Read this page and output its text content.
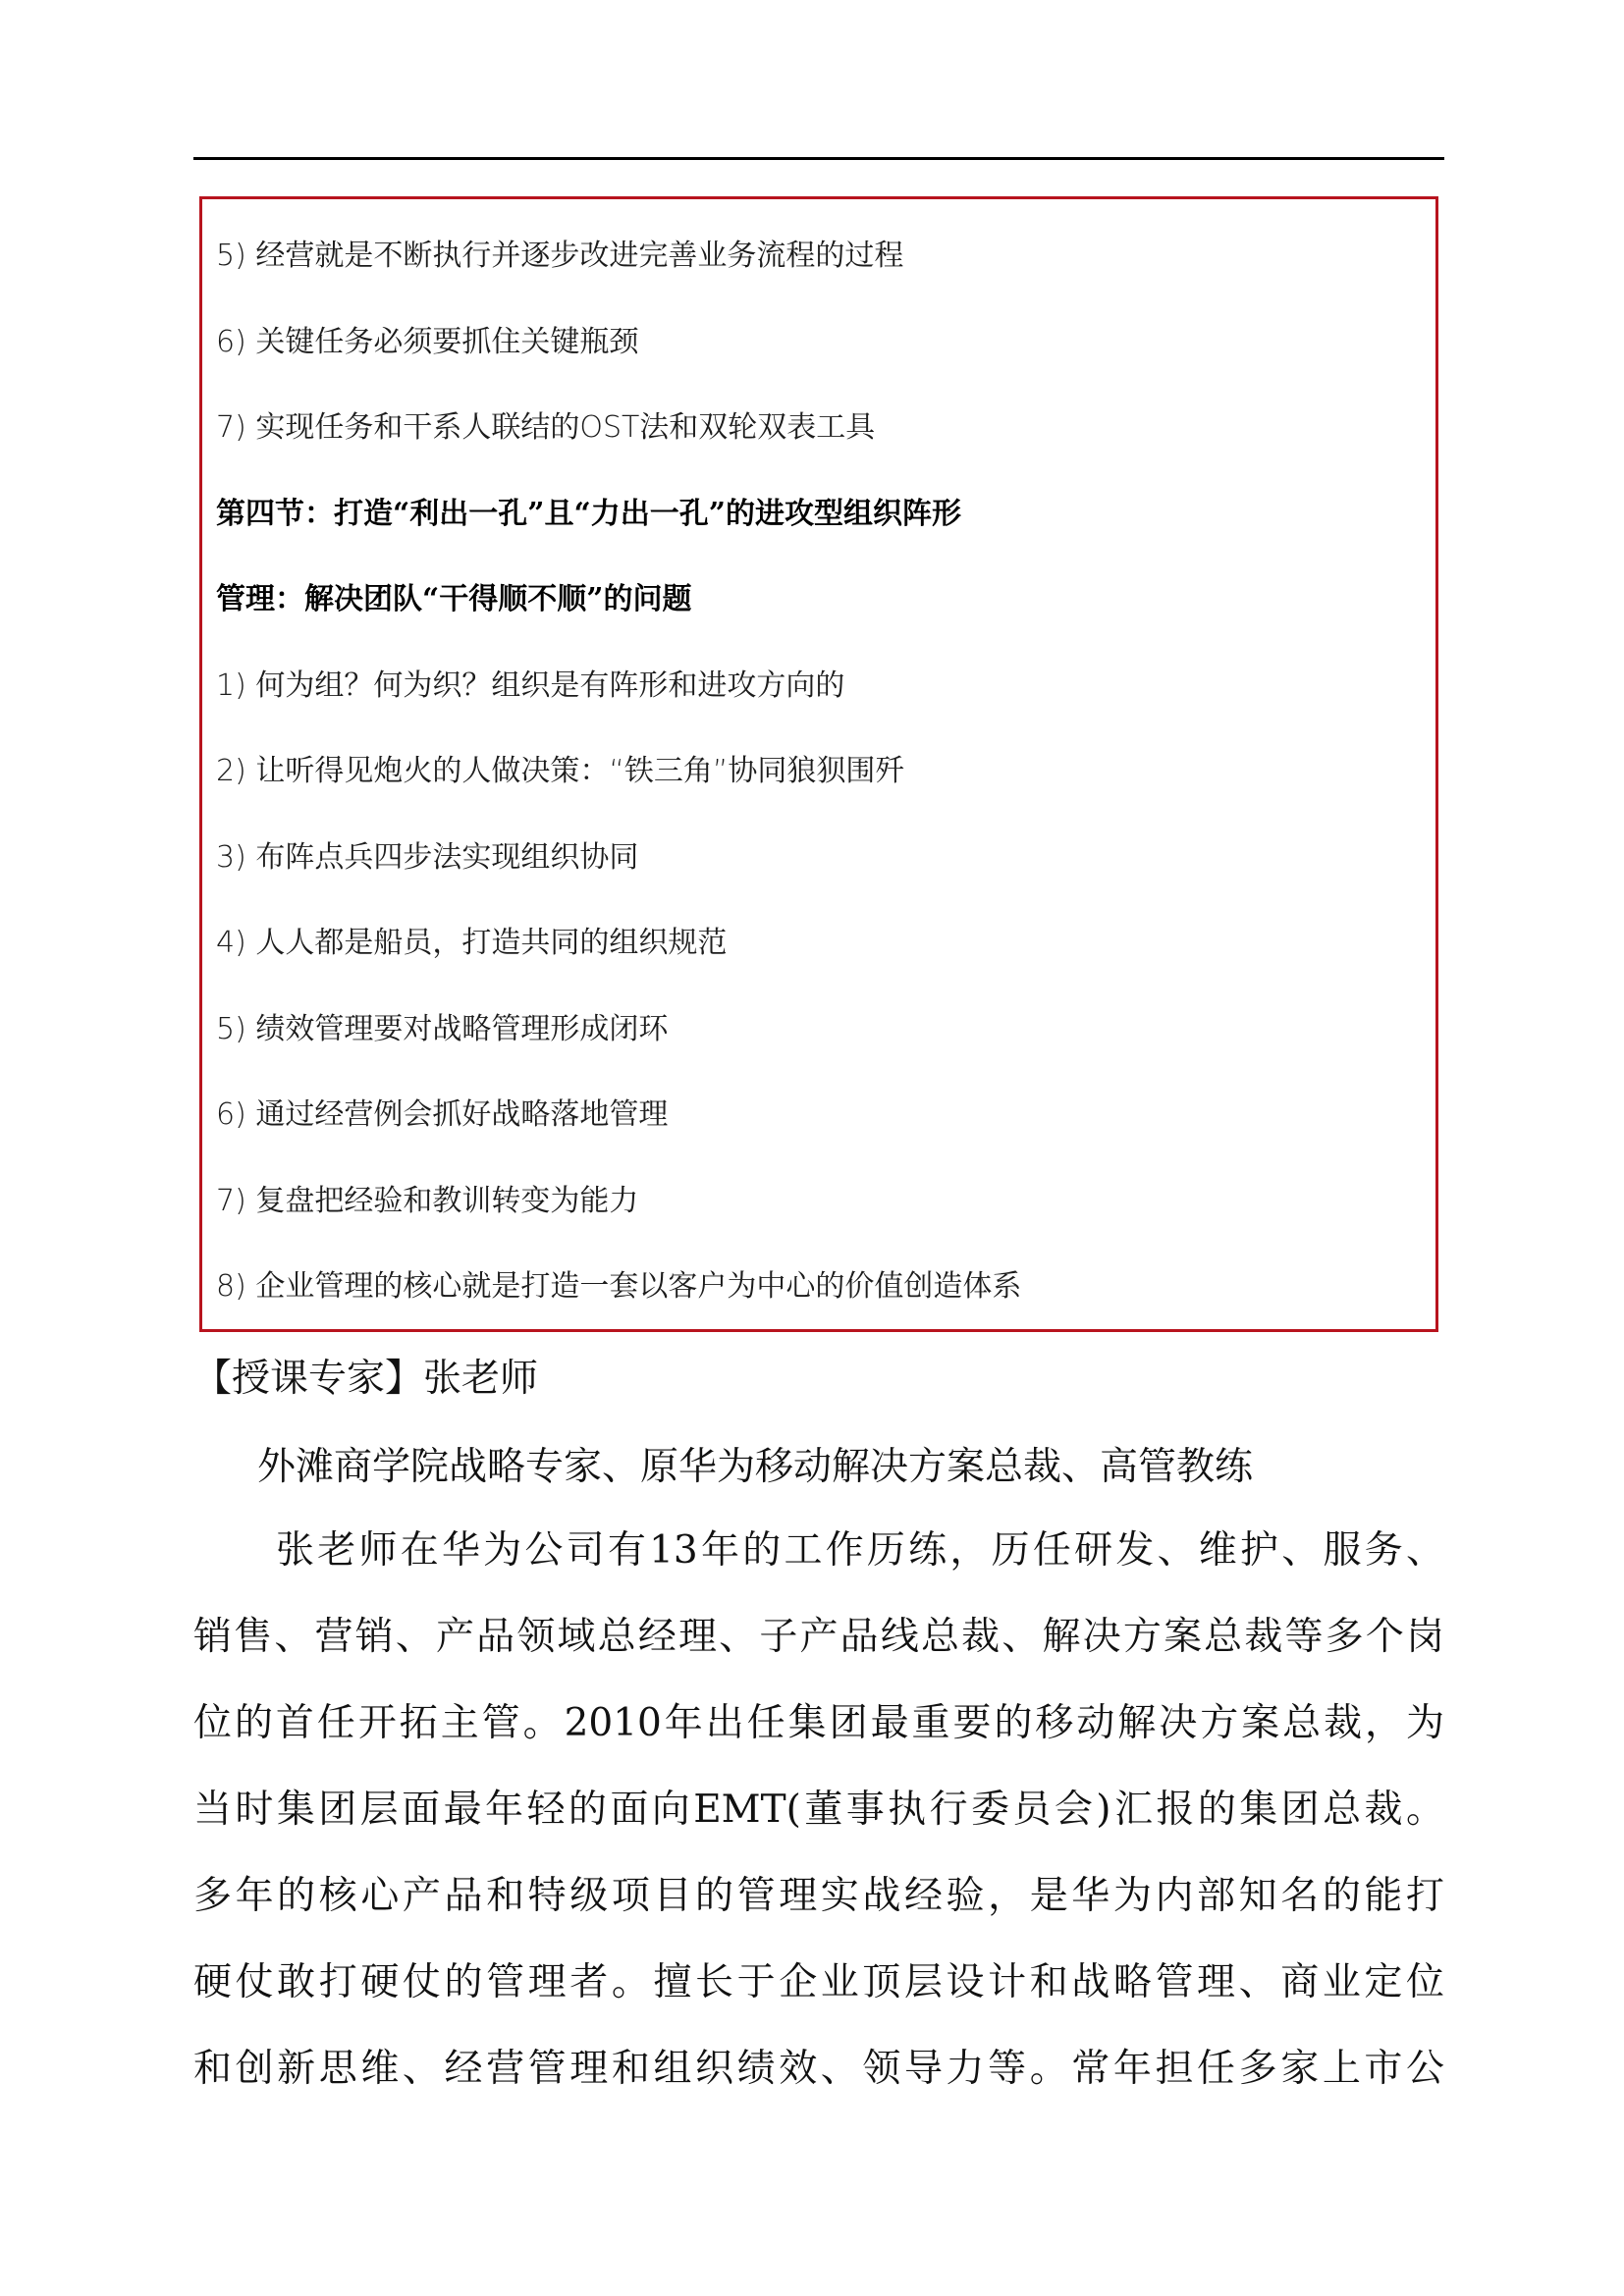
5) 经营就是不断执行并逐步改进完善业务流程的过程
6) 关键任务必须要抓住关键瓶颈
7) 实现任务和干系人联结的OST法和双轮双表工具
第四节：打造“利出一孔”且“力出一孔”的进攻型组织阵形
管理：解决团队“干得顺不顺”的问题
1) 何为组？何为织？组织是有阵形和进攻方向的
2) 让听得见炮火的人做决策：“铁三角”协同狼狈围歼
3) 布阵点兵四步法实现组织协同
4) 人人都是船员，打造共同的组织规范
5) 绩效管理要对战略管理形成闭环
6) 通过经营例会抓好战略落地管理
7) 复盘把经验和教训转变为能力
8) 企业管理的核心就是打造一套以客户为中心的价值创造体系
【授课专家】张老师
外滩商学院战略专家、原华为移动解决方案总裁、高管教练
张老师在华为公司有13年的工作历练，历任研发、维护、服务、
销售、营销、产品领域总经理、子产品线总裁、解决方案总裁等多个岗
位的首任开拓主管。2010年出任集团最重要的移动解决方案总裁，为
当时集团层面最年轻的面向EMT(董事执行委员会)汇报的集团总裁。
多年的核心产品和特级项目的管理实战经验，是华为内部知名的能打
硬仗敢打硬仗的管理者。擅长于企业顶层设计和战略管理、商业定位
和创新思维、经营管理和组织绩效、领导力等。常年担任多家上市公
